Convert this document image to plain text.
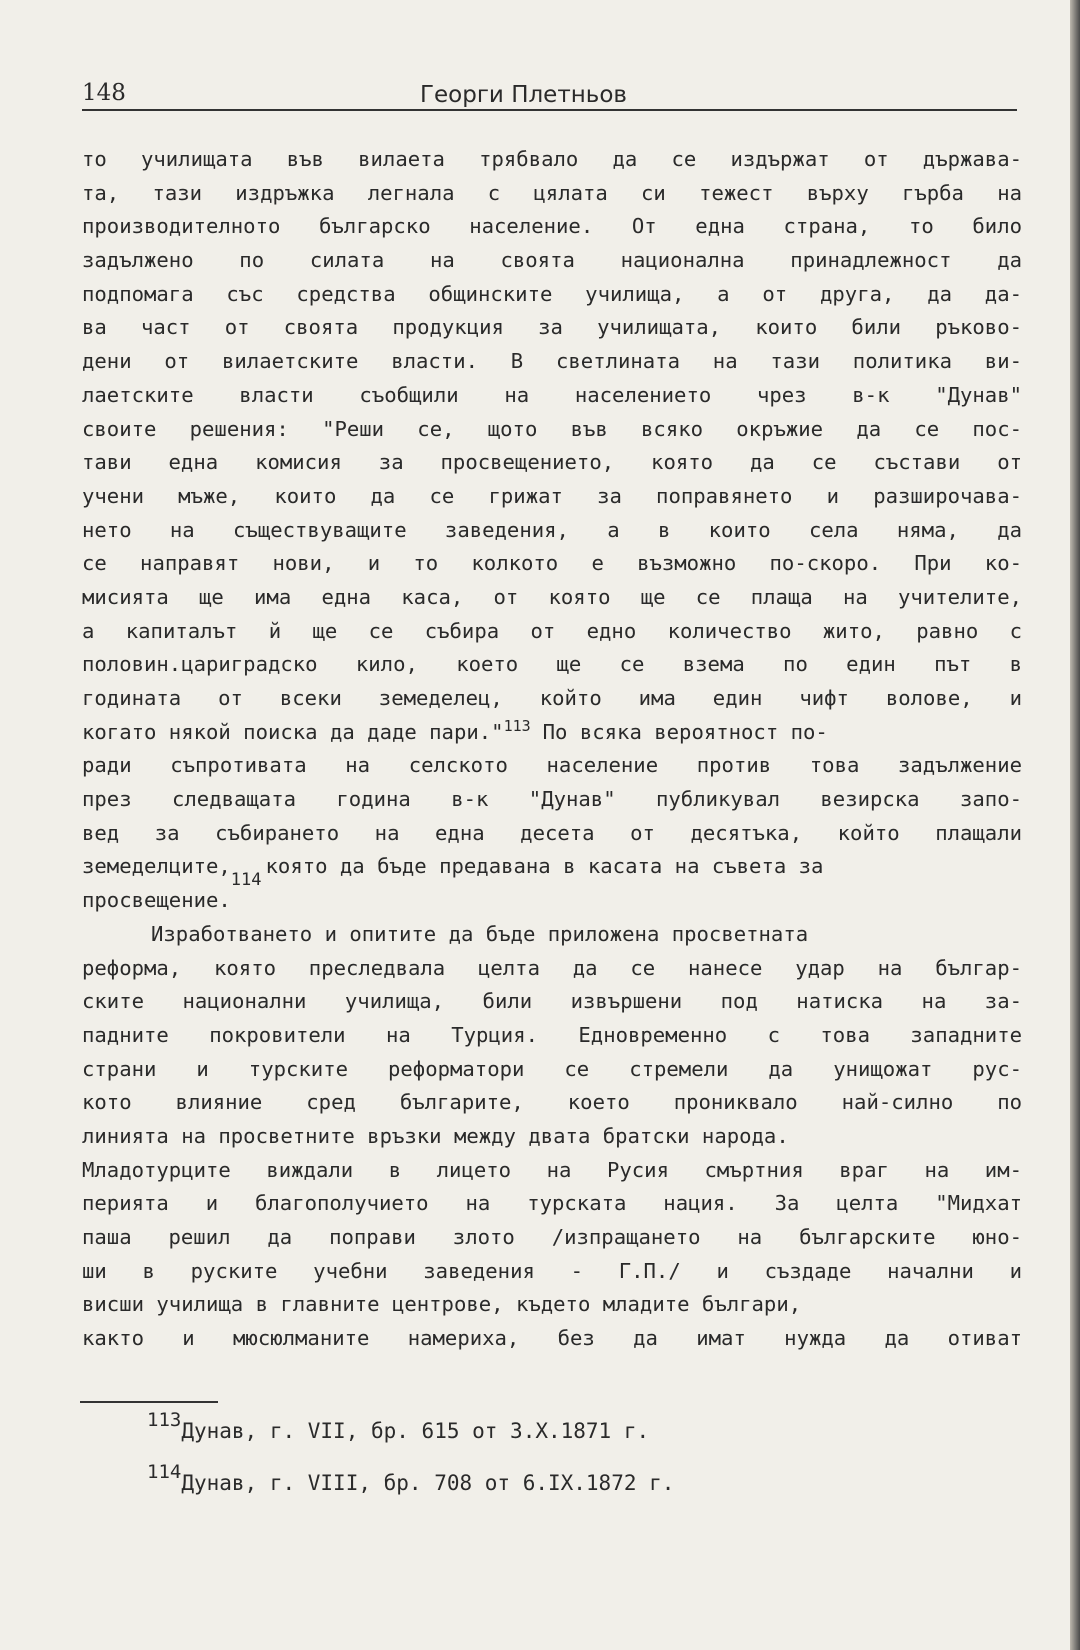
148	Георги Плетньов
то училищата във вилаета трябвало да се издържат от държава-
та, тази издръжка легнала с цялата си тежест върху гърба на
производителното българско население. От една страна, то било
задължено по силата на своята национална принадлежност да
подпомага със средства общинските училища, а от друга, да да-
ва част от своята продукция за училищата, които били ръково-
дени от вилаетските власти. В светлината на тази политика ви-
лаетските власти съобщили на населението чрез в-к "Дунав"
своите решения: "Реши се, щото във всяко окръжие да се пос-
тави една комисия за просвещението, която да се състави от
учени мъже, които да се грижат за поправянето и разширочава-
нето на съществуващите заведения, а в които села няма, да
се направят нови, и то колкото е възможно по-скоро. При ко-
мисията ще има една каса, от която ще се плаща на учителите,
а капиталът й ще се събира от едно количество жито, равно с
половин.цариградско кило, което ще се взема по един път в
годината от всеки земеделец, който има един чифт волове, и
когато някой поиска да даде пари."$^{113}$ По всяка вероятност по-
ради съпротивата на селското население против това задължение
през следващата година в-к "Дунав" публикувал везирска запо-
вед за събирането на една десета от десятъка, който плащали
$земеделците,_{114}която$ да бъде предавана в касата на съвета за
просвещение.
Изработването и опитите да бъде приложена просветната
реформа, която преследвала целта да се нанесе удар на българ-
ските национални училища, били извършени под натиска на за-
падните покровители на Турция. Едновременно с това западните
страни и турските реформатори се стремели да унищожат рус-
кото влияние сред българите, което прониквало най-силно по
линията на просветните връзки между двата братски народа.
Младотурците виждали в лицето на Русия смъртния враг на им-
перията и благополучието на турската нация. За целта "Мидхат
паша решил да поправи злото /изпращането на българските юно-
ши в руските учебни заведения - Г.П./ и създаде начални и
висши училища в главните центрове, където младите българи,
както и мюсюлманите намериха, без да имат нужда да отиват
$^{113}$Дунав, г. VII, бр. 615 от 3.X.1871 г.
$^{114}$Дунав, г. VIII, бр. 708 от 6.IX.1872 г.
